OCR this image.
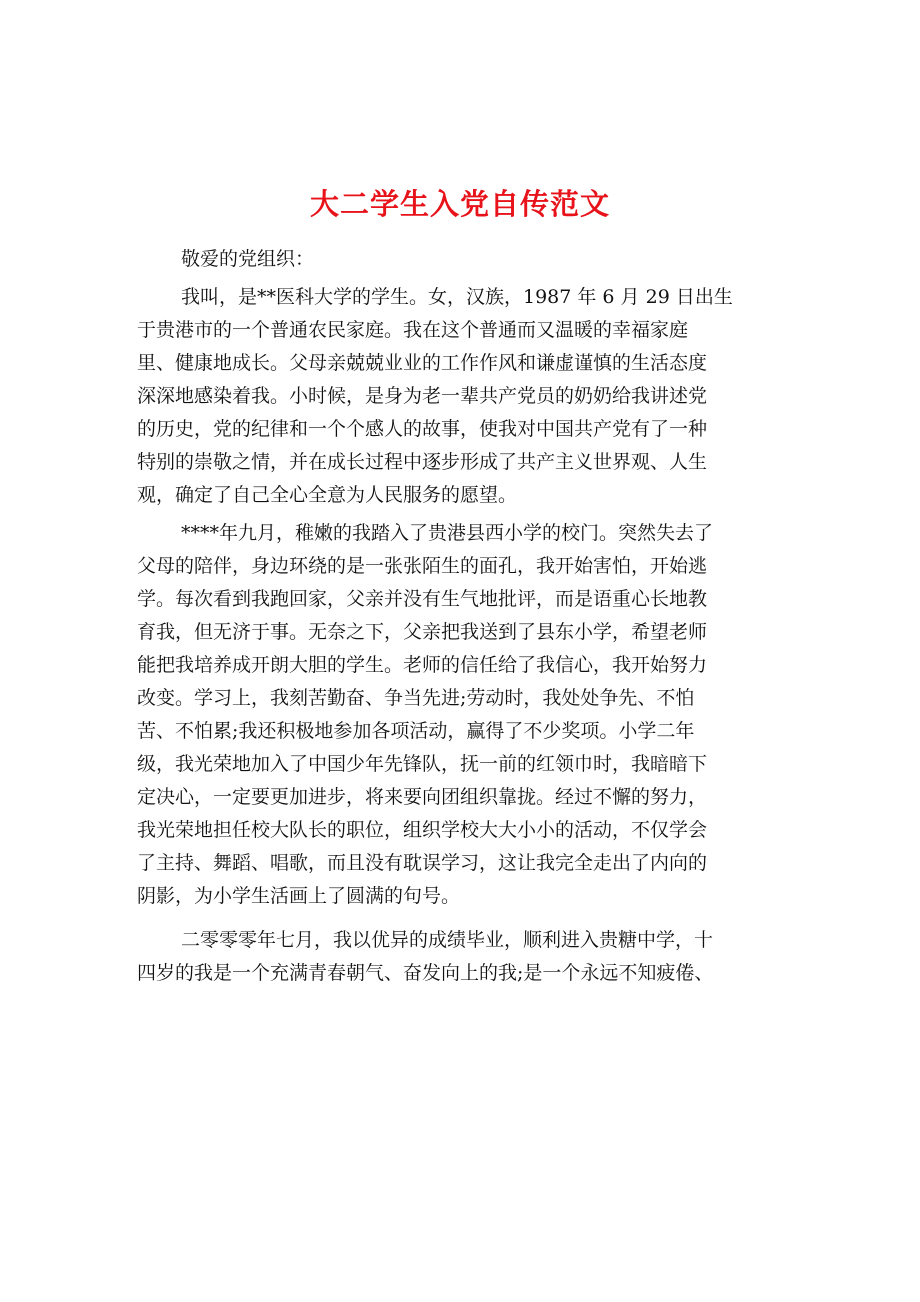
大二学生入党自传范文

敬爱的党组织：

我叫，是**医科大学的学生。女，汉族，1987 年 6 月 29 日出生
于贵港市的一个普通农民家庭。我在这个普通而又温暖的幸福家庭
里、健康地成长。父母亲兢兢业业的工作作风和谦虚谨慎的生活态度
深深地感染着我。小时候，是身为老一辈共产党员的奶奶给我讲述党
的历史，党的纪律和一个个感人的故事，使我对中国共产党有了一种
特别的崇敬之情，并在成长过程中逐步形成了共产主义世界观、人生
观，确定了自己全心全意为人民服务的愿望。

****年九月，稚嫩的我踏入了贵港县西小学的校门。突然失去了
父母的陪伴，身边环绕的是一张张陌生的面孔，我开始害怕，开始逃
学。每次看到我跑回家，父亲并没有生气地批评，而是语重心长地教
育我，但无济于事。无奈之下，父亲把我送到了县东小学，希望老师
能把我培养成开朗大胆的学生。老师的信任给了我信心，我开始努力
改变。学习上，我刻苦勤奋、争当先进;劳动时，我处处争先、不怕
苦、不怕累;我还积极地参加各项活动，赢得了不少奖项。小学二年
级，我光荣地加入了中国少年先锋队，抚一前的红领巾时，我暗暗下
定决心，一定要更加进步，将来要向团组织靠拢。经过不懈的努力，
我光荣地担任校大队长的职位，组织学校大大小小的活动，不仅学会
了主持、舞蹈、唱歌，而且没有耽误学习，这让我完全走出了内向的
阴影，为小学生活画上了圆满的句号。

二零零零年七月，我以优异的成绩毕业，顺利进入贵糖中学，十
四岁的我是一个充满青春朝气、奋发向上的我;是一个永远不知疲倦、
